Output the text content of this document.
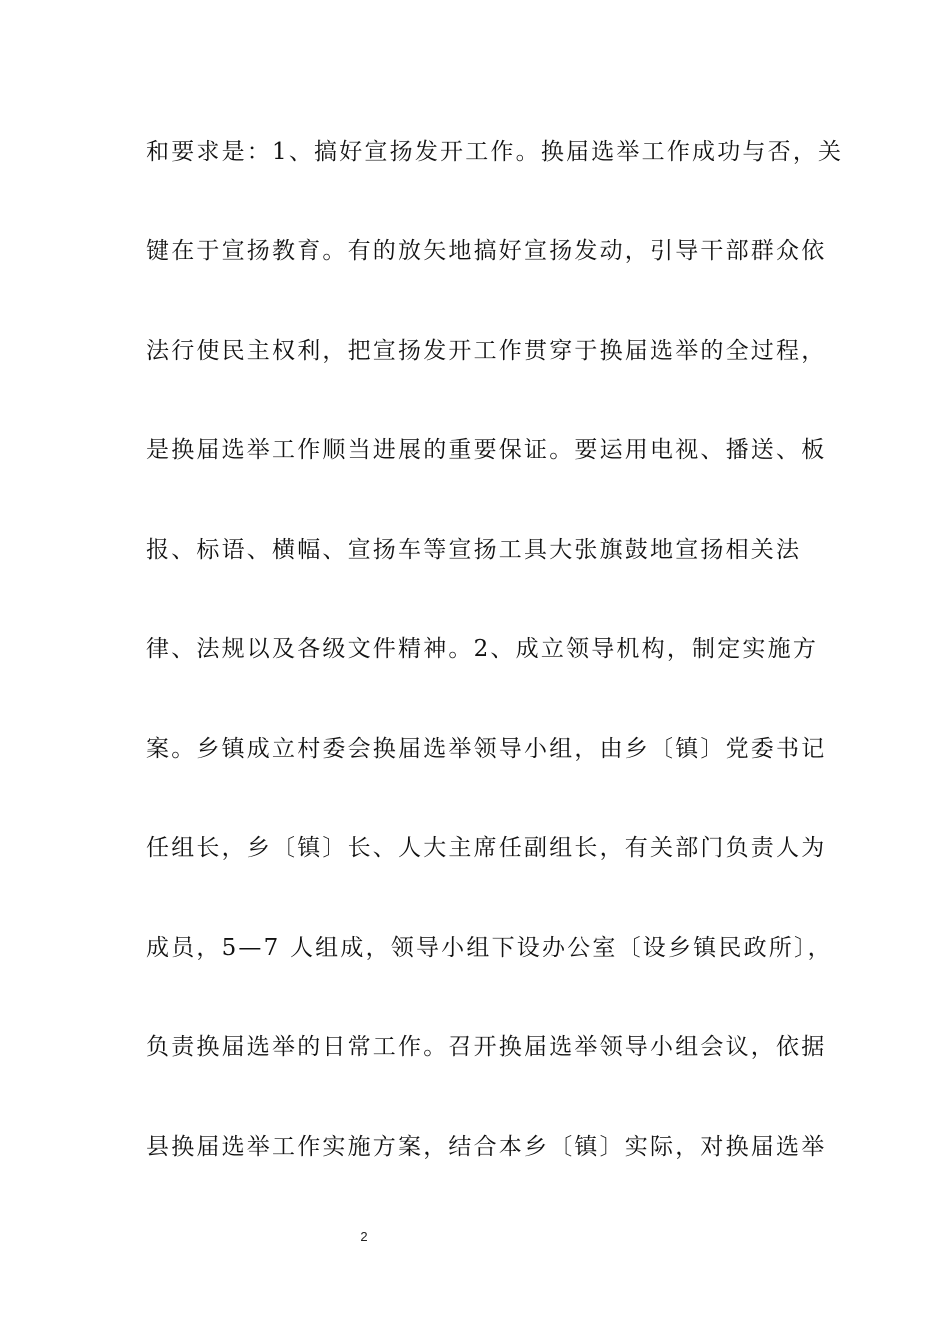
和要求是：1、搞好宣扬发开工作。换届选举工作成功与否，关
键在于宣扬教育。有的放矢地搞好宣扬发动，引导干部群众依
法行使民主权利，把宣扬发开工作贯穿于换届选举的全过程，
是换届选举工作顺当进展的重要保证。要运用电视、播送、板
报、标语、横幅、宣扬车等宣扬工具大张旗鼓地宣扬相关法
律、法规以及各级文件精神。2、成立领导机构，制定实施方
案。乡镇成立村委会换届选举领导小组，由乡〔镇〕党委书记
任组长，乡〔镇〕长、人大主席任副组长，有关部门负责人为
成员，5—7 人组成，领导小组下设办公室〔设乡镇民政所〕，
负责换届选举的日常工作。召开换届选举领导小组会议，依据
县换届选举工作实施方案，结合本乡〔镇〕实际，对换届选举
2
